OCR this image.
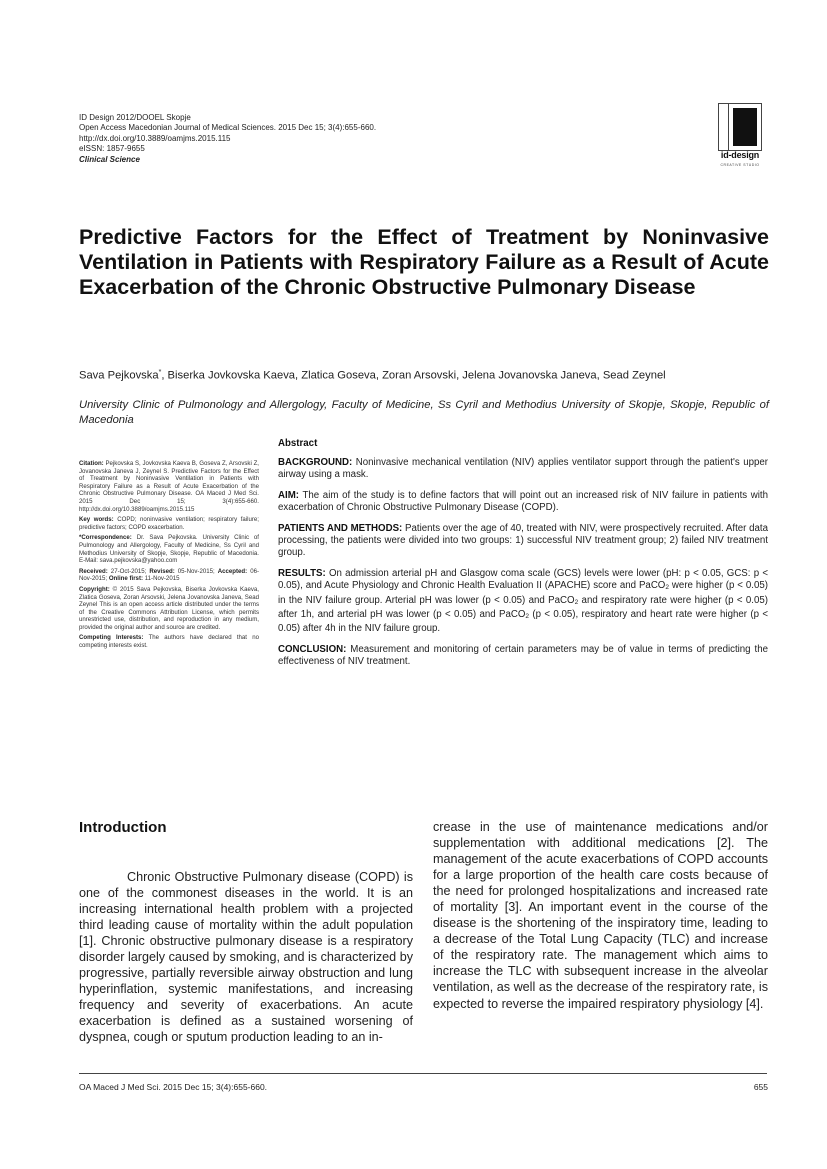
ID Design 2012/DOOEL Skopje
Open Access Macedonian Journal of Medical Sciences. 2015 Dec 15; 3(4):655-660.
http://dx.doi.org/10.3889/oamjms.2015.115
eISSN: 1857-9655
Clinical Science	id-design
CREATIVE STUDIO
Predictive Factors for the Effect of Treatment by Noninvasive Ventilation in Patients with Respiratory Failure as a Result of Acute Exacerbation of the Chronic Obstructive Pulmonary Disease
Sava Pejkovska*, Biserka Jovkovska Kaeva, Zlatica Goseva, Zoran Arsovski, Jelena Jovanovska Janeva, Sead Zeynel
University Clinic of Pulmonology and Allergology, Faculty of Medicine, Ss Cyril and Methodius University of Skopje, Skopje, Republic of Macedonia

Citation: Pejkovska S, Jovkovska Kaeva B, Goseva Z, Arsovski Z, Jovanovska Janeva J, Zeynel S. Predictive Factors for the Effect of Treatment by Noninvasive Ventilation in Patients with Respiratory Failure as a Result of Acute Exacerbation of the Chronic Obstructive Pulmonary Disease. OA Maced J Med Sci. 2015 Dec 15; 3(4):655-660. http://dx.doi.org/10.3889/oamjms.2015.115

Key words: COPD; noninvasive ventilation; respiratory failure; predictive factors; COPD exacerbation.

*Correspondence: Dr. Sava Pejkovska. University Clinic of Pulmonology and Allergology, Faculty of Medicine, Ss Cyril and Methodius University of Skopje, Skopje, Republic of Macedonia. E-Mail: sava.pejkovska@yahoo.com

Received: 27-Oct-2015; Revised: 05-Nov-2015; Accepted: 06-Nov-2015; Online first: 11-Nov-2015

Copyright: © 2015 Sava Pejkovska, Biserka Jovkovska Kaeva, Zlatica Goseva, Zoran Arsovski, Jelena Jovanovska Janeva, Sead Zeynel This is an open access article distributed under the terms of the Creative Commons Attribution License, which permits unrestricted use, distribution, and reproduction in any medium, provided the original author and source are credited.

Competing Interests: The authors have declared that no competing interests exist.

Abstract

BACKGROUND: Noninvasive mechanical ventilation (NIV) applies ventilator support through the patient's upper airway using a mask.

AIM: The aim of the study is to define factors that will point out an increased risk of NIV failure in patients with exacerbation of Chronic Obstructive Pulmonary Disease (COPD).

PATIENTS AND METHODS: Patients over the age of 40, treated with NIV, were prospectively recruited. After data processing, the patients were divided into two groups: 1) successful NIV treatment group; 2) failed NIV treatment group.

RESULTS: On admission arterial pH and Glasgow coma scale (GCS) levels were lower (pH: p < 0.05, GCS: p < 0.05), and Acute Physiology and Chronic Health Evaluation II (APACHE) score and PaCO$_2$ were higher (p < 0.05) in the NIV failure group. Arterial pH was lower (p < 0.05) and PaCO$_2$ and respiratory rate were higher (p < 0.05) after 1h, and arterial pH was lower (p < 0.05) and PaCO$_2$ (p < 0.05), respiratory and heart rate were higher (p < 0.05) after 4h in the NIV failure group.

CONCLUSION: Measurement and monitoring of certain parameters may be of value in terms of predicting the effectiveness of NIV treatment.

Introduction
Chronic Obstructive Pulmonary disease (COPD) is one of the commonest diseases in the world. It is an increasing international health problem with a projected third leading cause of mortality within the adult population [1]. Chronic obstructive pulmonary disease is a respiratory disorder largely caused by smoking, and is characterized by progressive, partially reversible airway obstruction and lung hyperinflation, systemic manifestations, and increasing frequency and severity of exacerbations. An acute exacerbation is defined as a sustained worsening of dyspnea, cough or sputum production leading to an in-
crease in the use of maintenance medications and/or supplementation with additional medications [2]. The management of the acute exacerbations of COPD accounts for a large proportion of the health care costs because of the need for prolonged hospitalizations and increased rate of mortality [3]. An important event in the course of the disease is the shortening of the inspiratory time, leading to a decrease of the Total Lung Capacity (TLC) and increase of the respiratory rate. The management which aims to increase the TLC with subsequent increase in the alveolar ventilation, as well as the decrease of the respiratory rate, is expected to reverse the impaired respiratory physiology [4].
OA Maced J Med Sci. 2015 Dec 15; 3(4):655-660.	655
